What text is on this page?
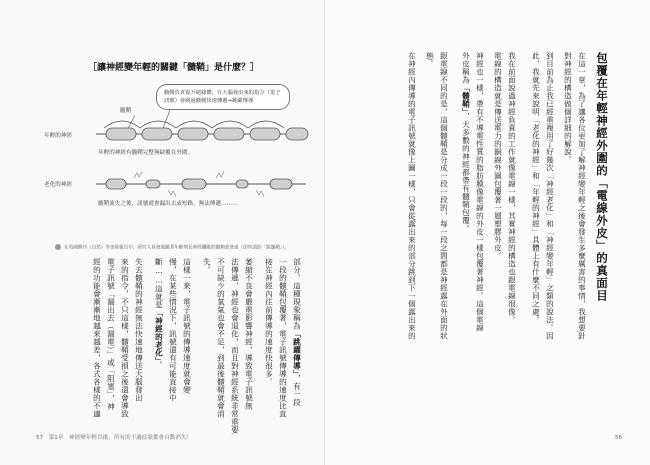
［讓神經變年輕的關鍵「髓鞘」是什麼？］
髓鞘負責提升絕緣體，在大腦發出來的指令（電子訊號）會跳過髓鞘快速傳遞→跳躍傳導
髓鞘
年輕的神經
年輕的神經有髓鞘完整無缺覆在外圍。
老化的神經
髓鞘流失之後，訊號就會漏出去或短路，無法傳遞………
在英國期刊《自然》等多篇報告中，研究人員發現隨著年齡增長神經纖維的髓鞘會衰退（即所謂的「脫髓鞘」）。
部分。這種現象稱為「跳躍傳導」，有一段
一段的髓鞘包覆著，電子訊號傳導的速度比直
接在神經內往前傳導的速度快很多。
萎縮不良會嚴重影響神經，導致電子訊號無
法傳遞，神經也會退化，而且對神經系統非常重要
不可缺少的氧氣也會不足，到最後髓鞘就會消
失。
這樣一來，電子訊號的傳導速度就會變
慢，在某些情況下，訊號還有可能直接中
斷……這就是「神經的老化」。
失去髓鞘的神經無法快速地傳送大腦發出
來的指令，不只這樣，髓鞘受損之後還會導致
電子訊號「漏出去（漏電）」或「阻塞」，神
經的功能會漸漸地越來越差，各式各樣的不適
57　第1章　神經變年輕以後，所有的不適症狀都會自動消失！
包覆在年輕神經外圍的「電線外皮」的真面目
在這一章，為了讓各位更加了解神經變年輕之後會發生多麼厲害的事情，我想要針
對神經的構造做個詳細的解說。
到目前為止我已經重複用了好幾次「神經老化」和「神經變年輕」之類的說法。因
此，我就先來說明「老化的神經」和「年輕的神經」具體上有什麼不同之處。
我在前面說過神經負責的工作就像電線一樣，其實神經的構造也跟電線很像。
電線的構造就是傳送電力的銅線外圍包覆著一層塑膠外皮。
神經也一樣，帶有不導電性質的脂肪膜像電線的外皮一樣包覆著神經。這個電線
外皮稱為「髓鞘」，大多數的神經都帶有髓鞘包覆。
跟電線不同的是，這個髓鞘是分成一段一段的，每一段之間都是神經露在外面的狀
態。
在神經內傳導的電子訊號就像上圖一樣，只會從露出來的部分跳到下一個露出來的
56
